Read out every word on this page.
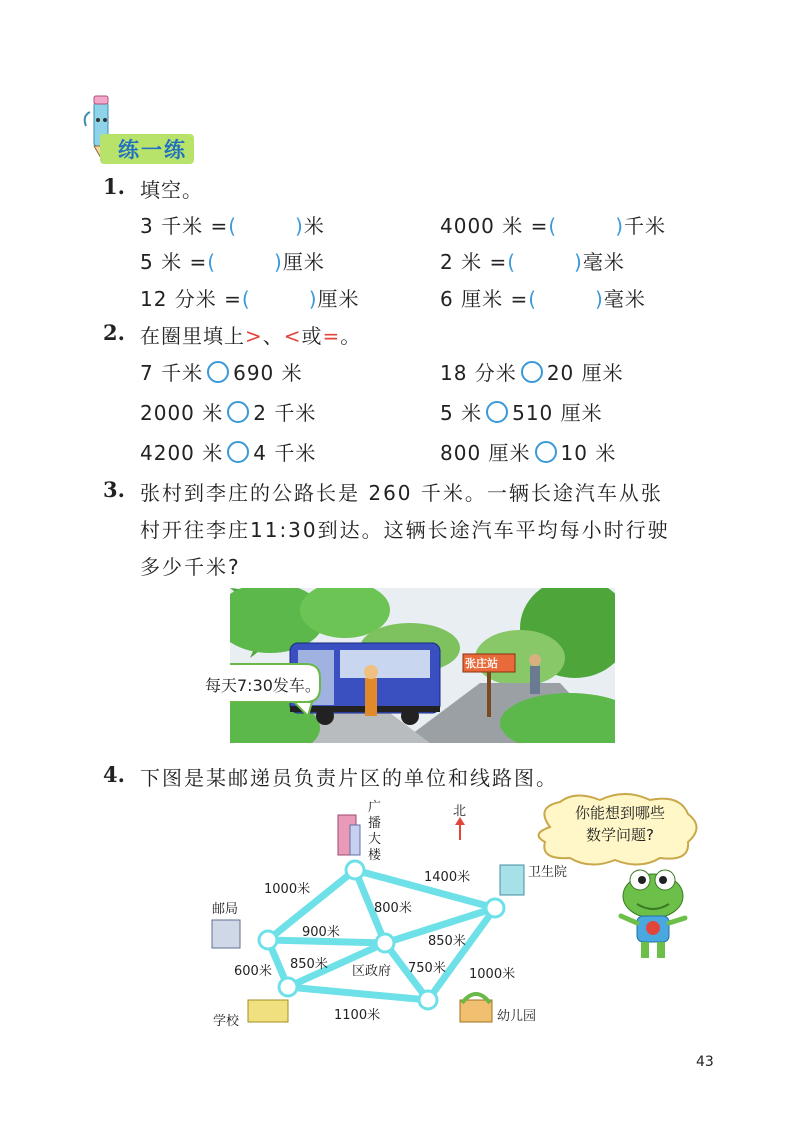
练一练
1. 填空。
3 千米 =(	)米	4000 米 =(	)千米
5 米 =(	)厘米	2 米 =(	)毫米
12 分米 =(	)厘米	6 厘米 =(	)毫米
2. 在圈里填上>、<或=。
7 千米 690 米	18 分米 20 厘米
2000 米 2 千米	5 米 510 厘米
4200 米 4 千米	800 厘米 10 米
3. 张村到李庄的公路长是 260 千米。一辆长途汽车从张
村开往李庄11:30到达。这辆长途汽车平均每小时行驶
多少千米?
每天7:30发车。
张庄站
4. 下图是某邮递员负责片区的单位和线路图。
北
广
播
大
楼
卫生院
邮局
区政府
学校	幼儿园
1000米
1400米
800米
900米
850米
600米 850米	750米 1000米
1100米
你能想到哪些
数学问题?
43
